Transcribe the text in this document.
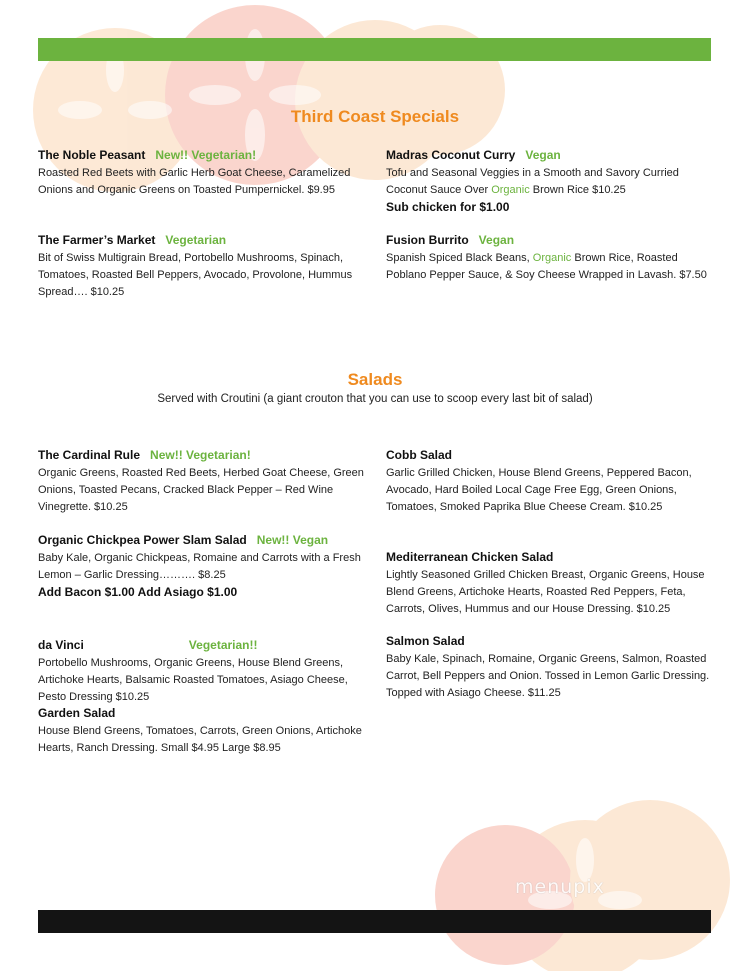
Third Coast Specials
The Noble Peasant New!! Vegetarian!
Roasted Red Beets with Garlic Herb Goat Cheese, Caramelized Onions and Organic Greens on Toasted Pumpernickel. $9.95
Madras Coconut Curry Vegan
Tofu and Seasonal Veggies in a Smooth and Savory Curried Coconut Sauce Over Organic Brown Rice $10.25
Sub chicken for $1.00
The Farmer’s Market Vegetarian
Bit of Swiss Multigrain Bread, Portobello Mushrooms, Spinach, Tomatoes, Roasted Bell Peppers, Avocado, Provolone, Hummus Spread…. $10.25
Fusion Burrito Vegan
Spanish Spiced Black Beans, Organic Brown Rice, Roasted Poblano Pepper Sauce, & Soy Cheese Wrapped in Lavash. $7.50
Salads
Served with Croutini (a giant crouton that you can use to scoop every last bit of salad)
The Cardinal Rule New!! Vegetarian!
Organic Greens, Roasted Red Beets, Herbed Goat Cheese, Green Onions, Toasted Pecans, Cracked Black Pepper – Red Wine Vinegrette. $10.25
Cobb Salad
Garlic Grilled Chicken, House Blend Greens, Peppered Bacon, Avocado, Hard Boiled Local Cage Free Egg, Green Onions, Tomatoes, Smoked Paprika Blue Cheese Cream. $10.25
Organic Chickpea Power Slam Salad New!! Vegan
Baby Kale, Organic Chickpeas, Romaine and Carrots with a Fresh Lemon – Garlic Dressing………. $8.25
Add Bacon $1.00 Add Asiago $1.00
Mediterranean Chicken Salad
Lightly Seasoned Grilled Chicken Breast, Organic Greens, House Blend Greens, Artichoke Hearts, Roasted Red Peppers, Feta, Carrots, Olives, Hummus and our House Dressing. $10.25
da Vinci	Vegetarian!!
Portobello Mushrooms, Organic Greens, House Blend Greens, Artichoke Hearts, Balsamic Roasted Tomatoes, Asiago Cheese, Pesto Dressing $10.25
Salmon Salad
Baby Kale, Spinach, Romaine, Organic Greens, Salmon, Roasted Carrot, Bell Peppers and Onion. Tossed in Lemon Garlic Dressing. Topped with Asiago Cheese. $11.25
Garden Salad
House Blend Greens, Tomatoes, Carrots, Green Onions, Artichoke Hearts, Ranch Dressing. Small $4.95 Large $8.95
menupix
